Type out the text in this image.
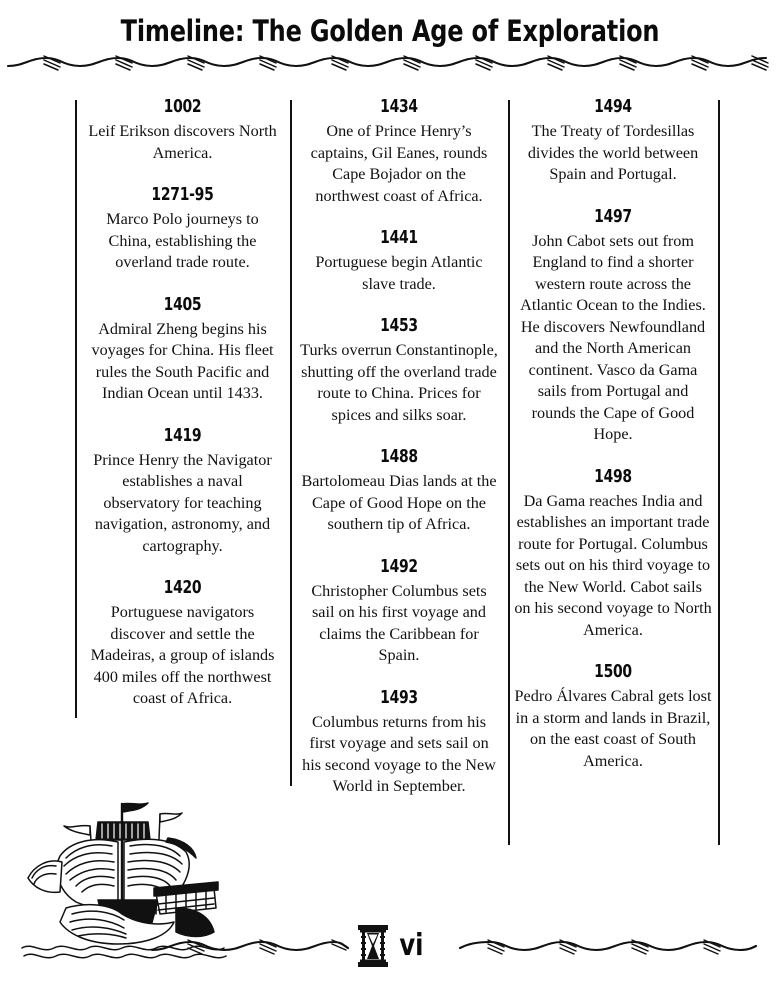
Timeline: The Golden Age of Exploration
1002

Leif Erikson discovers North America.

1271-95

Marco Polo journeys to China, establishing the overland trade route.

1405

Admiral Zheng begins his voyages for China. His fleet rules the South Pacific and Indian Ocean until 1433.

1419

Prince Henry the Navigator establishes a naval observatory for teaching navigation, astronomy, and cartography.

1420

Portuguese navigators discover and settle the Madeiras, a group of islands 400 miles off the northwest coast of Africa.

1434

One of Prince Henry’s captains, Gil Eanes, rounds Cape Bojador on the northwest coast of Africa.

1441

Portuguese begin Atlantic slave trade.

1453

Turks overrun Constantinople, shutting off the overland trade route to China. Prices for spices and silks soar.

1488

Bartolomeau Dias lands at the Cape of Good Hope on the southern tip of Africa.

1492

Christopher Columbus sets sail on his first voyage and claims the Caribbean for Spain.

1493

Columbus returns from his first voyage and sets sail on his second voyage to the New World in September.

1494

The Treaty of Tordesillas divides the world between Spain and Portugal.

1497

John Cabot sets out from England to find a shorter western route across the Atlantic Ocean to the Indies. He discovers Newfoundland and the North American continent. Vasco da Gama sails from Portugal and rounds the Cape of Good Hope.

1498

Da Gama reaches India and establishes an important trade route for Portugal. Columbus sets out on his third voyage to the New World. Cabot sails on his second voyage to North America.

1500

Pedro Álvares Cabral gets lost in a storm and lands in Brazil, on the east coast of South America.

vi
